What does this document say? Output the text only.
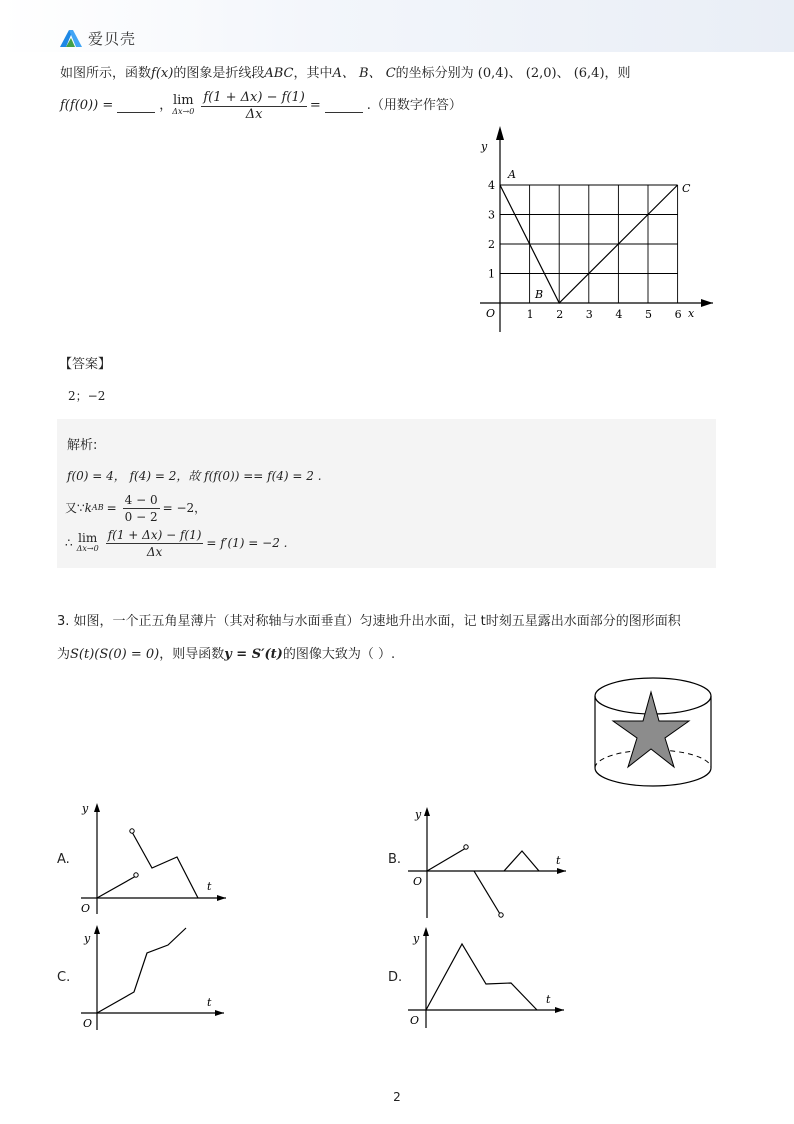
爱贝壳
如图所示，函数f(x)的图象是折线段ABC，其中A、 B、 C的坐标分别为 (0,4)、 (2,0)、 (6,4)，则
f(f(0)) =	， lim
$\Delta x\to 0 \frac{f(1 + \Delta x) - f(1)}{\Delta x}$ =	.（用数字作答）
1 2 3 4 5 6
1
2
3
4
x
y
O
A
B
C
【答案】
2；−2
解析:
f(0) = 4， f(4) = 2，故 f(f(0)) == f(4) = 2 .
又∵ k AB = $\frac{4 - 0}{0 - 2} = -2$，
∴ lim
$\Delta x\to 0 \frac{f(1 + \Delta x) - f(1)}{\Delta x} = f'(1) = -2$ .
3. 如图，一个正五角星薄片（其对称轴与水面垂直）匀速地升出水面，记 t时刻五星露出水面部分的图形面积
为S(t)(S(0) = 0)，则导函数y = S′(t)的图像大致为（ ）.
A.
t
y
O
B.	t
y
O
C.
t
y
O
D.
t
y
O
2
